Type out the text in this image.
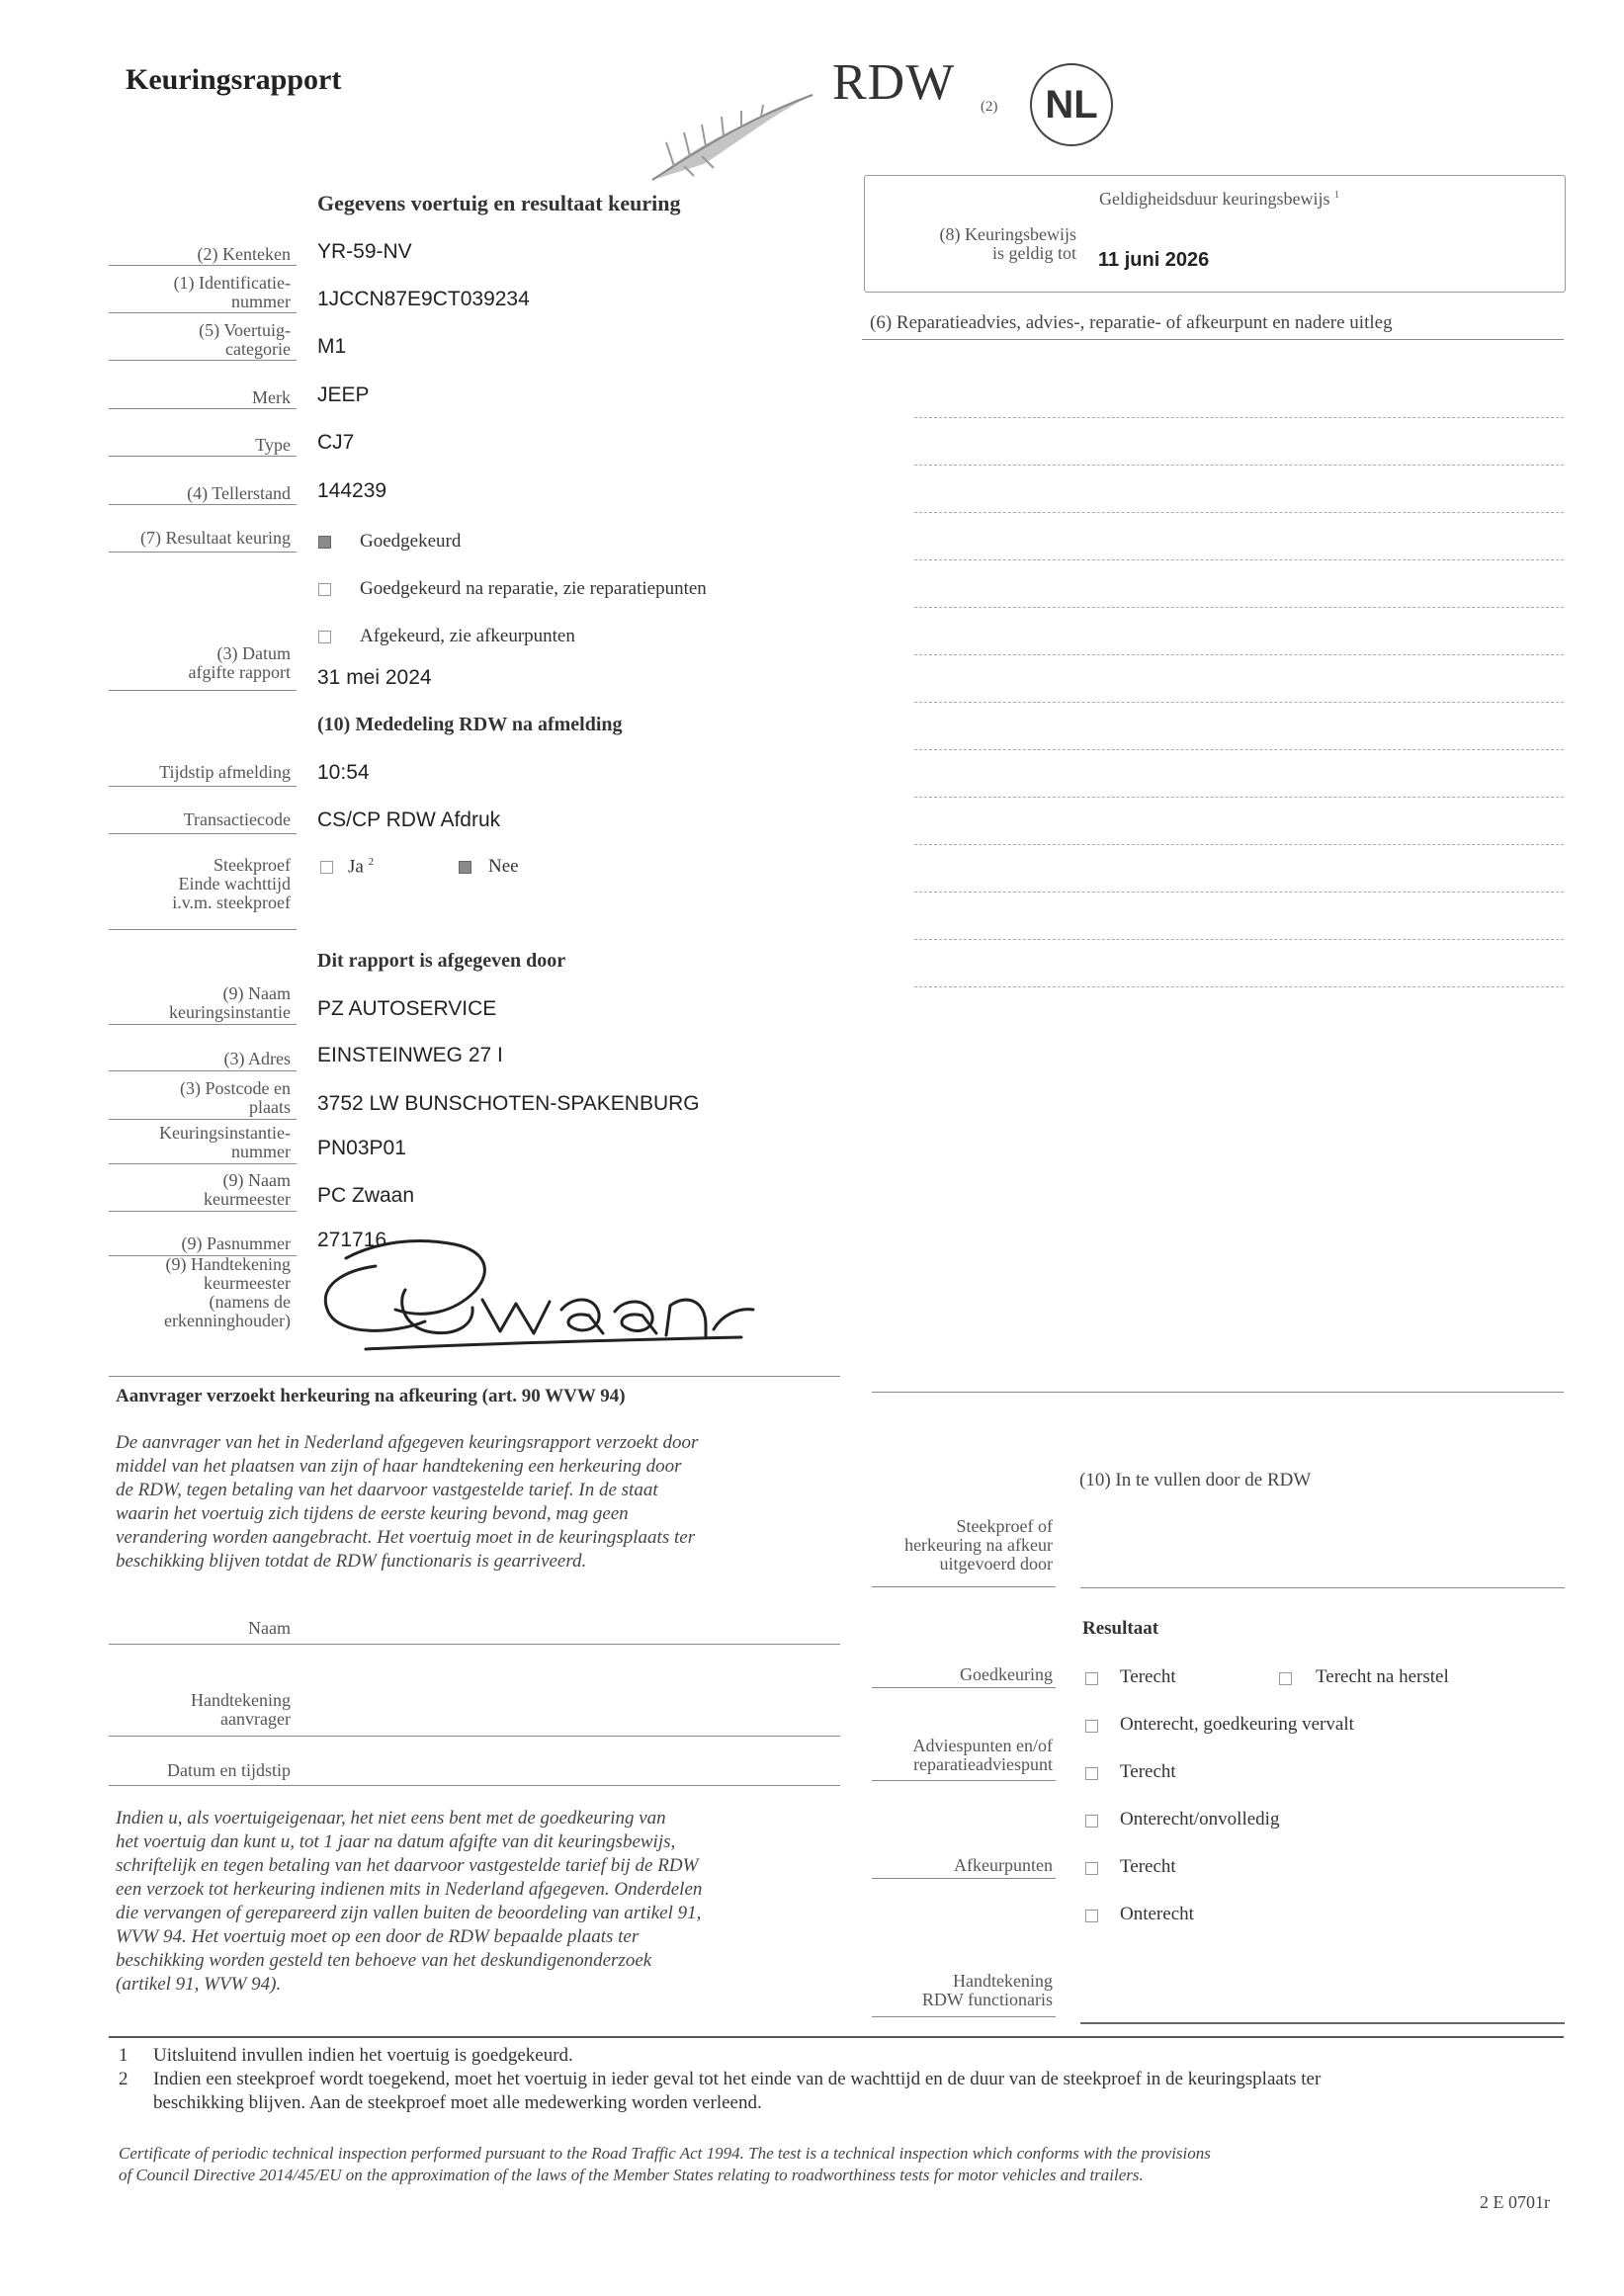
Keuringsrapport	RDW (2)	NL
Gegevens voertuig en resultaat keuring
(2) Kenteken YR-59-NV
(1) Identificatie-
nummer 1JCCN87E9CT039234
(5) Voertuig-
categorie M1
Merk JEEP
Type CJ7
(4) Tellerstand 144239
(7) Resultaat keuring	Goedgekeurd
Goedgekeurd na reparatie, zie reparatiepunten
Afgekeurd, zie afkeurpunten
(3) Datum
afgifte rapport 31 mei 2024
(10) Mededeling RDW na afmelding
Tijdstip afmelding 10:54
Transactiecode CS/CP RDW Afdruk
Steekproef
Einde wachttijd
i.v.m. steekproef
Ja $^2$	Nee
Dit rapport is afgegeven door
(9) Naam
keuringsinstantie PZ AUTOSERVICE
(3) Adres EINSTEINWEG 27 I
(3) Postcode en
plaats 3752 LW BUNSCHOTEN-SPAKENBURG
Keuringsinstantie-
nummer PN03P01
(9) Naam
keurmeester PC Zwaan
(9) Pasnummer 271716
(9) Handtekening
keurmeester
(namens de
erkenninghouder)
Geldigheidsduur keuringsbewijs $^1$
(8) Keuringsbewijs
is geldig tot 11 juni 2026
(6) Reparatieadvies, advies-, reparatie- of afkeurpunt en nadere uitleg
Aanvrager verzoekt herkeuring na afkeuring (art. 90 WVW 94)
De aanvrager van het in Nederland afgegeven keuringsrapport verzoekt door
middel van het plaatsen van zijn of haar handtekening een herkeuring door
de RDW, tegen betaling van het daarvoor vastgestelde tarief. In de staat
waarin het voertuig zich tijdens de eerste keuring bevond, mag geen
verandering worden aangebracht. Het voertuig moet in de keuringsplaats ter
beschikking blijven totdat de RDW functionaris is gearriveerd.
Naam
Handtekening
aanvrager
Datum en tijdstip
Indien u, als voertuigeigenaar, het niet eens bent met de goedkeuring van
het voertuig dan kunt u, tot 1 jaar na datum afgifte van dit keuringsbewijs,
schriftelijk en tegen betaling van het daarvoor vastgestelde tarief bij de RDW
een verzoek tot herkeuring indienen mits in Nederland afgegeven. Onderdelen
die vervangen of gerepareerd zijn vallen buiten de beoordeling van artikel 91,
WVW 94. Het voertuig moet op een door de RDW bepaalde plaats ter
beschikking worden gesteld ten behoeve van het deskundigenonderzoek
(artikel 91, WVW 94).
(10) In te vullen door de RDW
Steekproef of
herkeuring na afkeur
uitgevoerd door
Resultaat
Goedkeuring	Terecht	Terecht na herstel
Onterecht, goedkeuring vervalt
Adviespunten en/of
reparatieadviespunt	Terecht
Onterecht/onvolledig
Afkeurpunten	Terecht
Onterecht
Handtekening
RDW functionaris
1 Uitsluitend invullen indien het voertuig is goedgekeurd.
2 Indien een steekproef wordt toegekend, moet het voertuig in ieder geval tot het einde van de wachttijd en de duur van de steekproef in de keuringsplaats ter
beschikking blijven. Aan de steekproef moet alle medewerking worden verleend.
Certificate of periodic technical inspection performed pursuant to the Road Traffic Act 1994. The test is a technical inspection which conforms with the provisions
of Council Directive 2014/45/EU on the approximation of the laws of the Member States relating to roadworthiness tests for motor vehicles and trailers.
2 E 0701r
